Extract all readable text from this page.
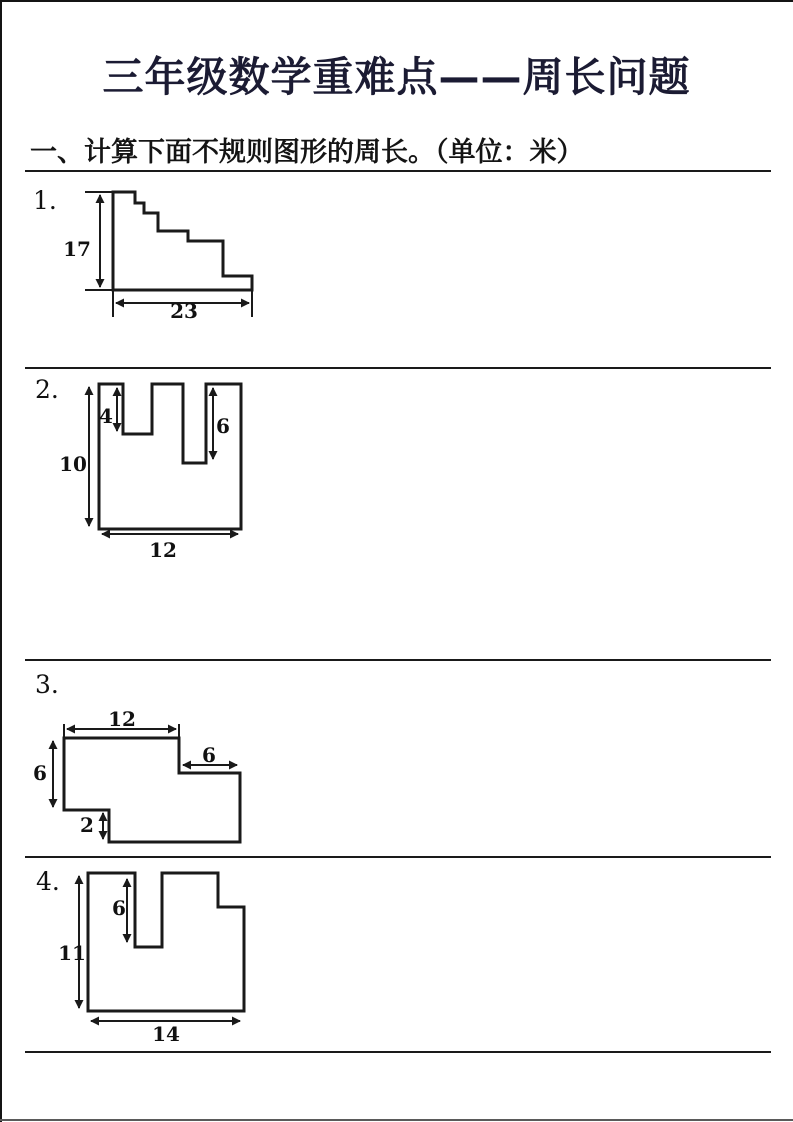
三年级数学重难点——周长问题
一、计算下面不规则图形的周长。（单位：米）
1.
2.
3.
4.
17
23
10
4	6
12
12
6
6
2
11
6
14
